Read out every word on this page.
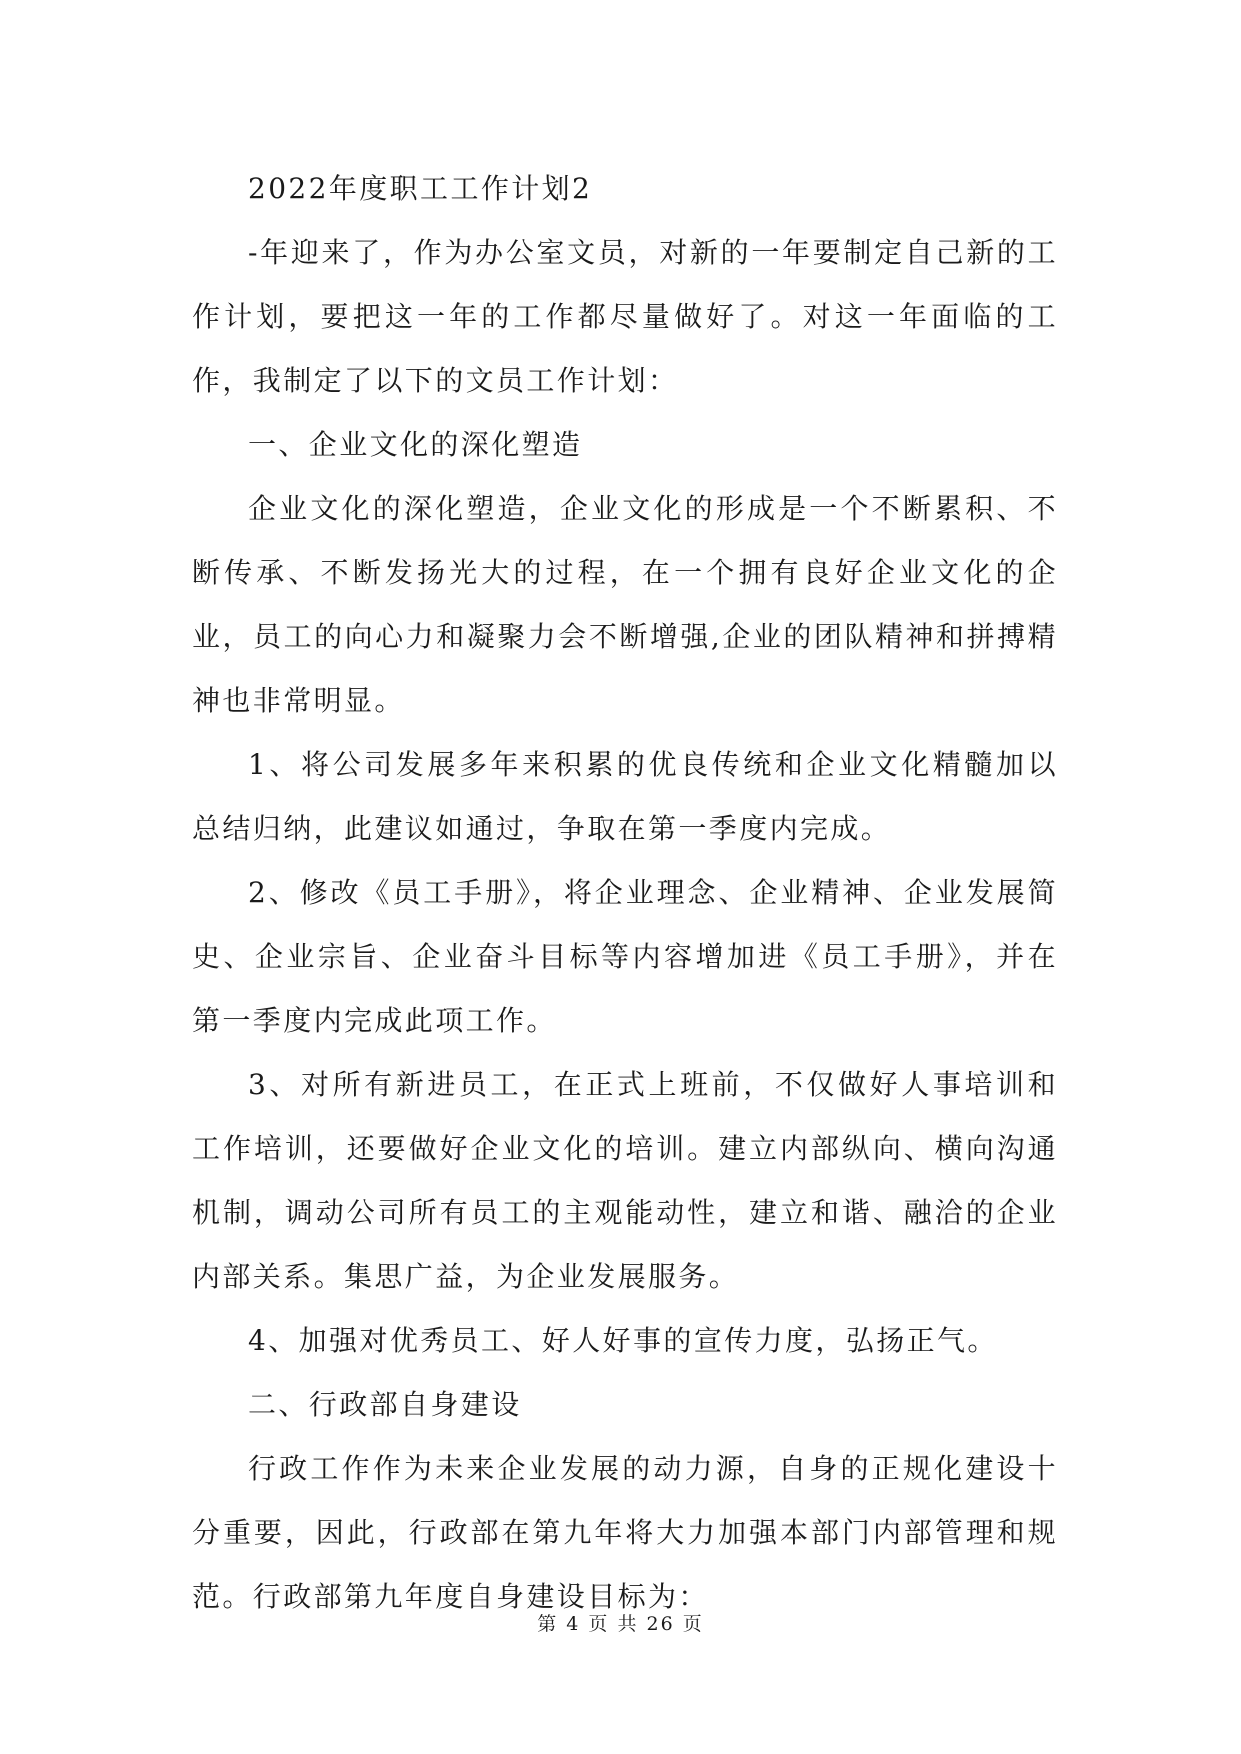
2022年度职工工作计划2

-年迎来了，作为办公室文员，对新的一年要制定自己新的工作计划，要把这一年的工作都尽量做好了。对这一年面临的工作，我制定了以下的文员工作计划：

一、企业文化的深化塑造

企业文化的深化塑造，企业文化的形成是一个不断累积、不断传承、不断发扬光大的过程，在一个拥有良好企业文化的企业，员工的向心力和凝聚力会不断增强,企业的团队精神和拼搏精神也非常明显。

1、将公司发展多年来积累的优良传统和企业文化精髓加以总结归纳，此建议如通过，争取在第一季度内完成。

2、修改《员工手册》，将企业理念、企业精神、企业发展简史、企业宗旨、企业奋斗目标等内容增加进《员工手册》，并在第一季度内完成此项工作。

3、对所有新进员工，在正式上班前，不仅做好人事培训和工作培训，还要做好企业文化的培训。建立内部纵向、横向沟通机制，调动公司所有员工的主观能动性，建立和谐、融洽的企业内部关系。集思广益，为企业发展服务。

4、加强对优秀员工、好人好事的宣传力度，弘扬正气。

二、行政部自身建设

行政工作作为未来企业发展的动力源，自身的正规化建设十分重要，因此，行政部在第九年将大力加强本部门内部管理和规范。行政部第九年度自身建设目标为：

第 4 页 共 26 页
